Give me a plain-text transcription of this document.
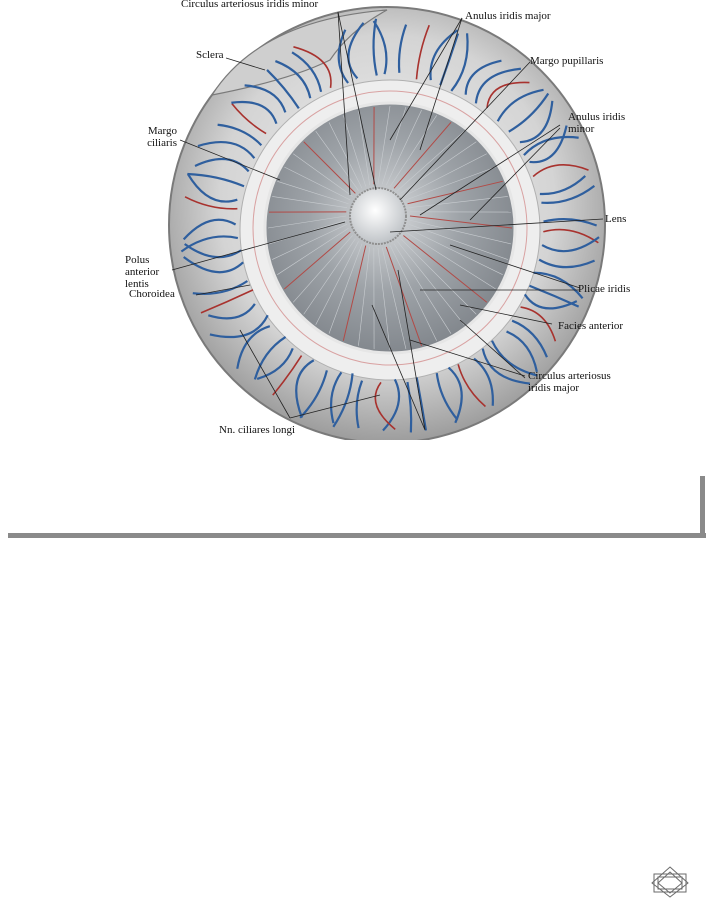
Circulus arteriosus iridis minor
Anulus iridis major
Sclera	Margo pupillaris
Margo
ciliaris
Anulus iridis
minor
Lens
Polus
anterior
lentis	Plicae iridis
Choroidea
Facies anterior
Circulus arteriosus
iridis major
Nn. ciliares longi
